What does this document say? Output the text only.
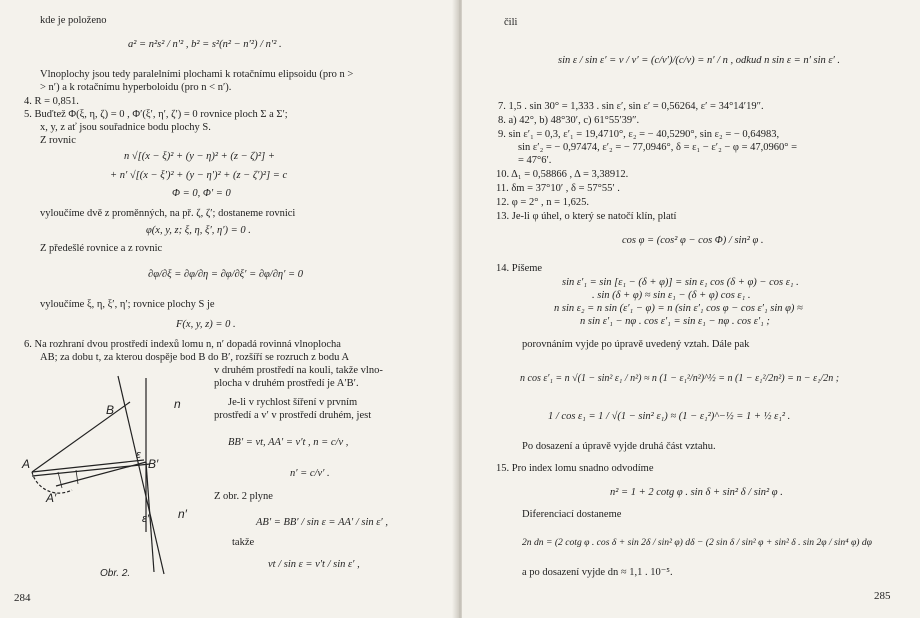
kde je položeno
a² = n²s² / n′² , b² = s²(n² − n′²) / n′² .
Vlnoplochy jsou tedy paralelními plochami k rotačnímu elipsoidu (pro n >
> n′) a k rotačnímu hyperboloidu (pro n < n′).
4. R = 0,851.
5. Buďtež Φ(ξ, η, ζ) = 0 , Φ′(ξ′, η′, ζ′) = 0 rovnice ploch Σ a Σ′;
x, y, z ať jsou souřadnice bodu plochy S.
Z rovnic
n √[(x − ξ)² + (y − η)² + (z − ζ)²] +
+ n′ √[(x − ξ′)² + (y − η′)² + (z − ζ′)²] = c
Φ = 0, Φ′ = 0
vyloučíme dvě z proměnných, na př. ζ, ζ′; dostaneme rovnici
φ(x, y, z; ξ, η, ξ′, η′) = 0 .
Z předešlé rovnice a z rovnic
∂φ/∂ξ = ∂φ/∂η = ∂φ/∂ξ′ = ∂φ/∂η′ = 0
vyloučíme ξ, η, ξ′, η′; rovnice plochy S je
F(x, y, z) = 0 .
6. Na rozhraní dvou prostředí indexů lomu n, n′ dopadá rovinná vlnoplocha
AB; za dobu t, za kterou dospěje bod B do B′, rozšíří se rozruch z bodu A
v druhém prostředí na kouli, takže vlno-
plocha v druhém prostředí je A′B′.
Je-li v rychlost šíření v prvním
prostředí a v′ v prostředí druhém, jest
BB′ = vt, AA′ = v′t , n = c/v ,
n′ = c/v′ .
Z obr. 2 plyne
AB′ = BB′ / sin ε = AA′ / sin ε′ ,
takže
vt / sin ε = v′t / sin ε′ ,
A
A′
B
B′
ε
ε′
n
n′
Obr. 2.
284
čili
sin ε / sin ε′ = v / v′ = (c/v′)/(c/v) = n′ / n , odkud n sin ε = n′ sin ε′ .
7. 1,5 . sin 30° = 1,333 . sin ε′, sin ε′ = 0,56264, ε′ = 34°14′19″.
8. a) 42°, b) 48°30′, c) 61°55′39″.
9. sin ε′₁ = 0,3, ε′₁ = 19,4710°, ε₂ = − 40,5290°, sin ε₂ = − 0,64983,
sin ε′₂ = − 0,97474, ε′₂ = − 77,0946°, δ = ε₁ − ε′₂ − φ = 47,0960° =
= 47°6′.
10. Δ₁ = 0,58866 , Δ = 3,38912.
11. δm = 37°10′ , δ = 57°55′ .
12. φ = 2° , n = 1,625.
13. Je-li φ úhel, o který se natočí klín, platí
cos φ = (cos² φ − cos Φ) / sin² φ .
14. Píšeme
sin ε′₁ = sin [ε₁ − (δ + φ)] = sin ε₁ cos (δ + φ) − cos ε₁ .
. sin (δ + φ) ≈ sin ε₁ − (δ + φ) cos ε₁ .
n sin ε₂ = n sin (ε′₁ − φ) = n (sin ε′₁ cos φ − cos ε′₁ sin φ) ≈
n sin ε′₁ − nφ . cos ε′₁ = sin ε₁ − nφ . cos ε′₁ ;
porovnáním vyjde po úpravě uvedený vztah. Dále pak
n cos ε′₁ = n √(1 − sin² ε₁ / n²) ≈ n (1 − ε₁²/n²)^½ = n (1 − ε₁²/2n²) = n − ε₁/2n ;
1 / cos ε₁ = 1 / √(1 − sin² ε₁) ≈ (1 − ε₁²)^−½ = 1 + ½ ε₁² .
Po dosazení a úpravě vyjde druhá část vztahu.
15. Pro index lomu snadno odvodíme
n² = 1 + 2 cotg φ . sin δ + sin² δ / sin² φ .
Diferenciací dostaneme
2n dn = (2 cotg φ . cos δ + sin 2δ / sin² φ) dδ − (2 sin δ / sin² φ + sin² δ . sin 2φ / sin⁴ φ) dφ
a po dosazení vyjde dn ≈ 1,1 . 10⁻⁵.
285
